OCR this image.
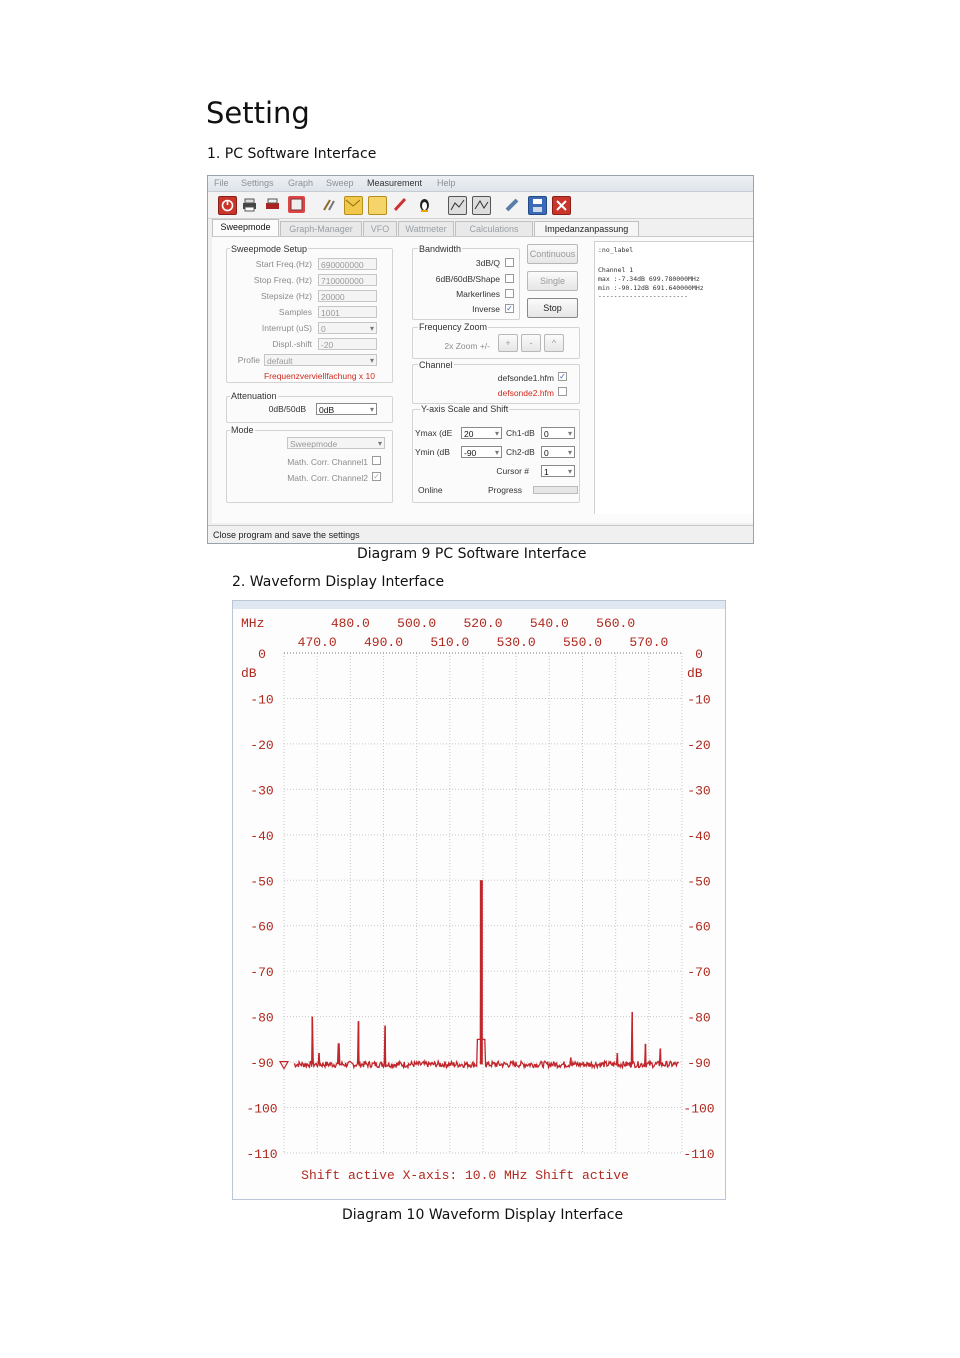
Setting
1. PC Software Interface
File Settings Graph Sweep Measurement Help
Sweepmode	Graph-Manager	VFO	Wattmeter	Calculations	Impedanzanpassung
Sweepmode Setup
Start Freq.(Hz)	690000000
Stop Freq. (Hz)	710000000
Stepsize (Hz)	20000
Samples	1001
Interrupt (uS)	0 ▾
Displ.-shift	-20
Profie default ▾
Frequenzverviellfachung x 10
Attenuation
0dB/50dB	0dB ▾
Mode
Sweepmode ▾
Math. Corr. Channel1
Math. Corr. Channel2 ✓
Bandwidth
3dB/Q
6dB/60dB/Shape
Markerlines
Inverse ✓
Continuous
Single
Stop
Frequency Zoom
2x Zoom +/-	+	-	^
Channel
defsonde1.hfm ✓
defsonde2.hfm
Y-axis Scale and Shift
Ymax (dE	20 ▾	Ch1-dB	0 ▾
Ymin (dB	-90 ▾	Ch2-dB	0 ▾
Cursor #	1 ▾
Online	Progress
:no_label
Channel 1
max :-7.34dB 699.780000MHz
min :-90.12dB 691.640000MHz
-----------------------
Close program and save the settings
Diagram 9 PC Software Interface
2. Waveform Display Interface
MHz
dB	dB
480.0 500.0 520.0 540.0 560.0
470.0 490.0 510.0 530.0 550.0 570.0
0	0
-10	-10
-20	-20
-30	-30
-40	-40
-50	-50
-60	-60
-70	-70
-80	-80
-90	-90
-100	-100
-110	-110
Shift active X-axis: 10.0 MHz Shift active
Diagram 10 Waveform Display Interface
